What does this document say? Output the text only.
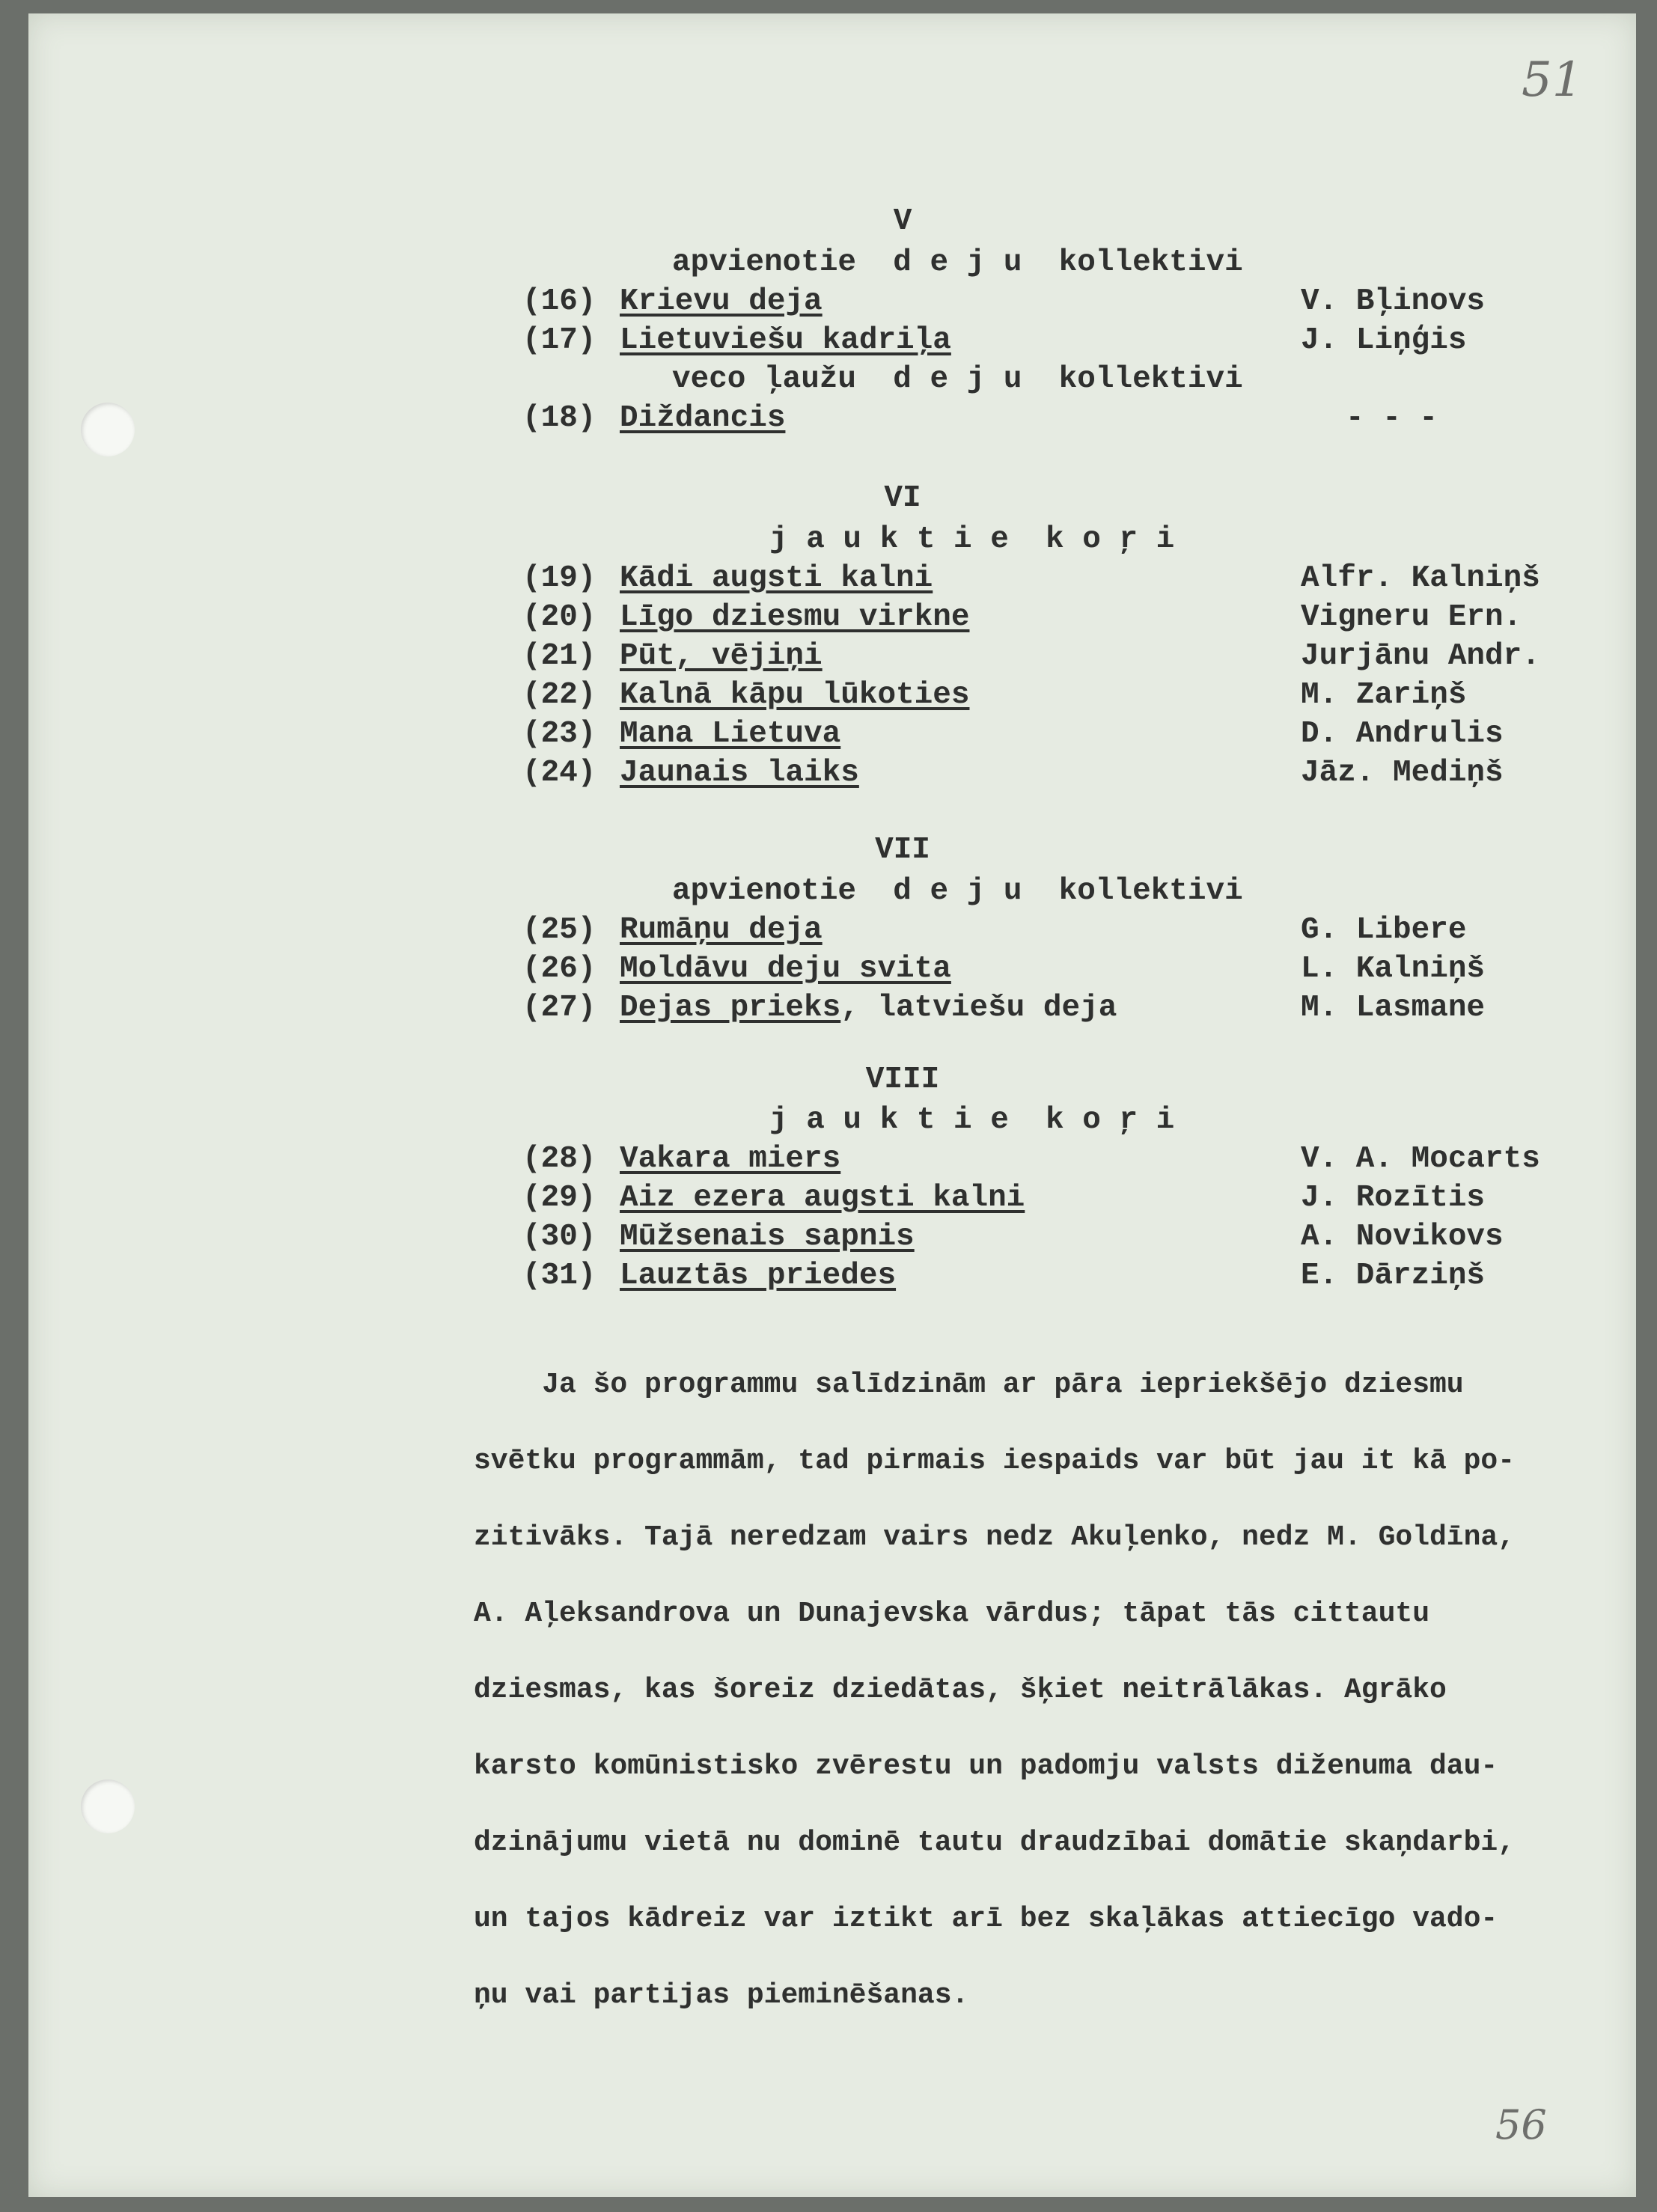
51
56
V
apvienotie  d e j u  kollektivi
(16) Krievu deja	V. Bļinovs
(17) Lietuviešu kadriļa	J. Liņģis
veco ļaužu  d e j u  kollektivi
(18) Diždancis	- - -
VI
j a u k t i e  k o ŗ i
(19) Kādi augsti kalni	Alfr. Kalniņš
(20) Līgo dziesmu virkne	Vigneru Ern.
(21) Pūt, vējiņi	Jurjānu Andr.
(22) Kalnā kāpu lūkoties	M. Zariņš
(23) Mana Lietuva	D. Andrulis
(24) Jaunais laiks	Jāz. Mediņš
VII
apvienotie  d e j u  kollektivi
(25) Rumāņu deja	G. Libere
(26) Moldāvu deju svita	L. Kalniņš
(27) Dejas prieks, latviešu deja	M. Lasmane
VIII
j a u k t i e  k o ŗ i
(28) Vakara miers	V. A. Mocarts
(29) Aiz ezera augsti kalni	J. Rozītis
(30) Mūžsenais sapnis	A. Novikovs
(31) Lauztās priedes	E. Dārziņš
Ja šo programmu salīdzinām ar pāra iepriekšējo dziesmu
svētku programmām, tad pirmais iespaids var būt jau it kā po-
zitivāks. Tajā neredzam vairs nedz Akuļenko, nedz M. Goldīna,
A. Aļeksandrova un Dunajevska vārdus; tāpat tās cittautu
dziesmas, kas šoreiz dziedātas, šķiet neitrālākas. Agrāko
karsto komūnistisko zvērestu un padomju valsts diženuma dau-
dzinājumu vietā nu dominē tautu draudzībai domātie skaņdarbi,
un tajos kādreiz var iztikt arī bez skaļākas attiecīgo vado-
ņu vai partijas pieminēšanas.
